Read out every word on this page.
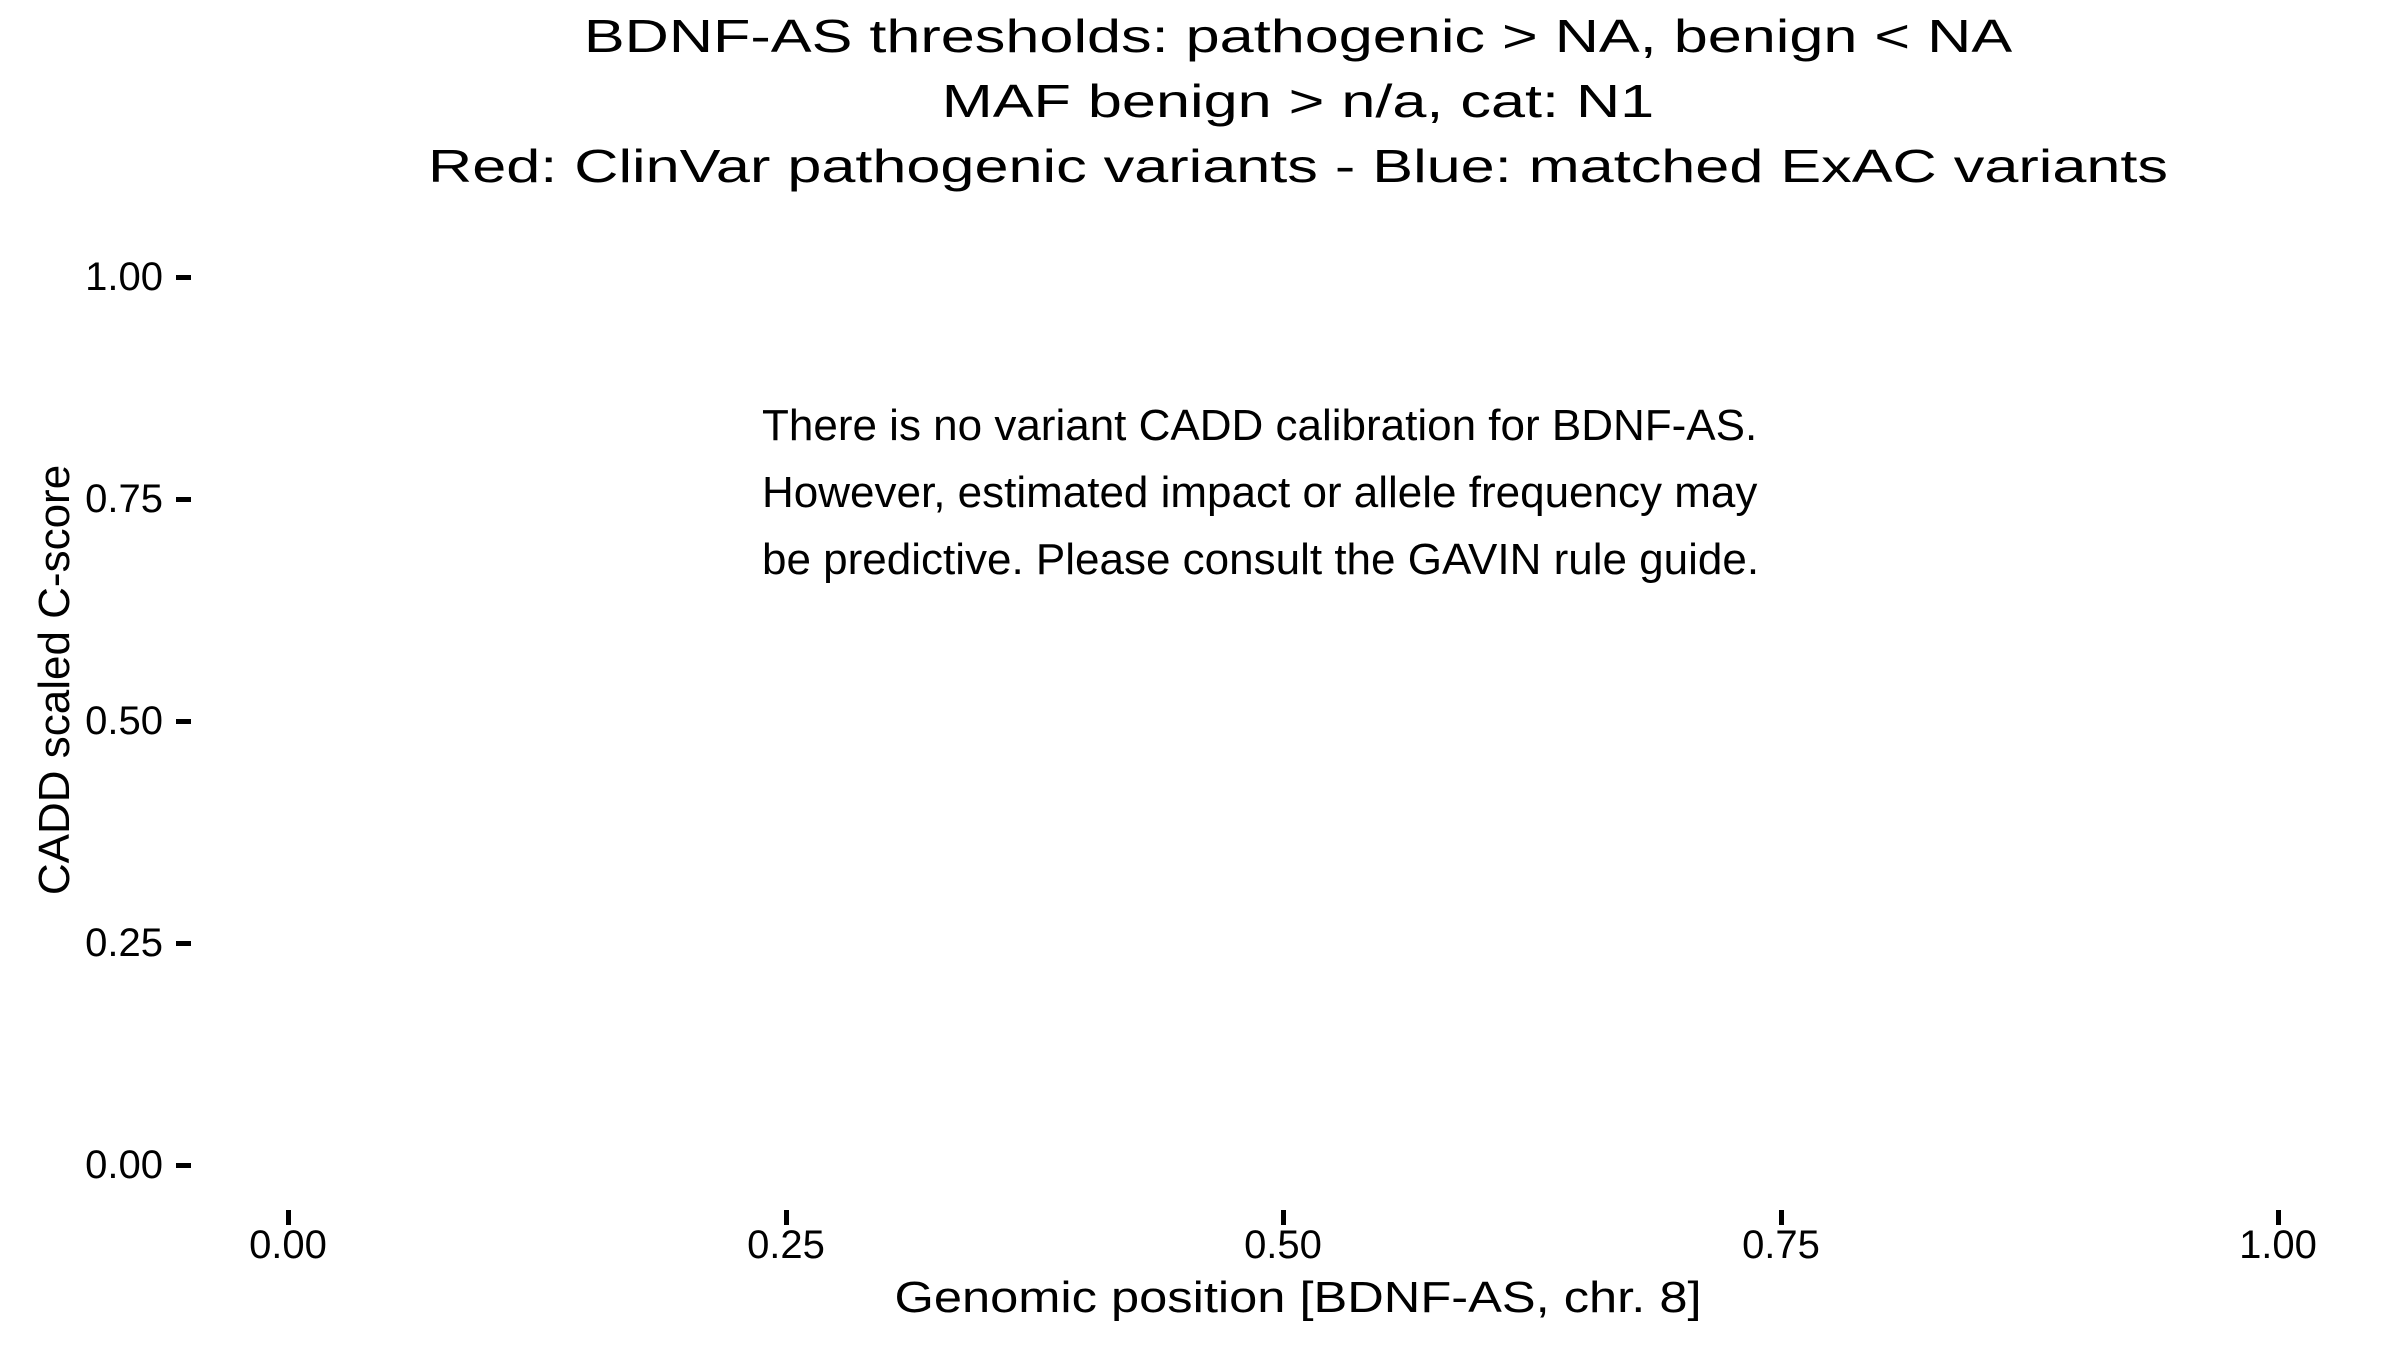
BDNF-AS thresholds: pathogenic > NA, benign < NA
MAF benign > n/a, cat: N1
Red: ClinVar pathogenic variants - Blue: matched ExAC variants
There is no variant CADD calibration for BDNF-AS.
However, estimated impact or allele frequency may
be predictive. Please consult the GAVIN rule guide.
CADD scaled C-score
1.00
0.75
0.50
0.25
0.00
0.00	0.25	0.50	0.75	1.00
Genomic position [BDNF-AS, chr. 8]
